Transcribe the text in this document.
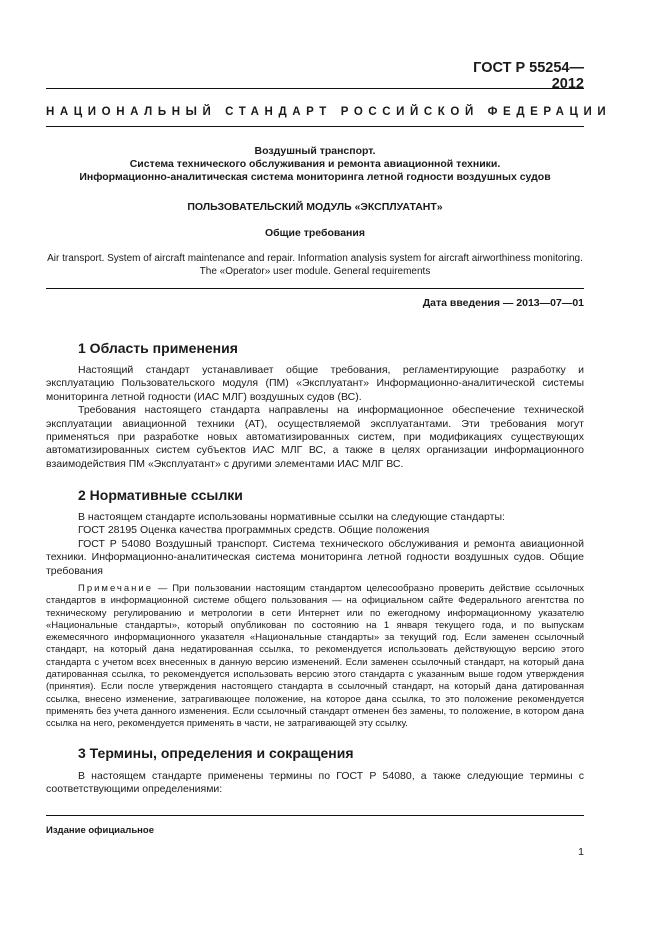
ГОСТ Р 55254—2012
НАЦИОНАЛЬНЫЙ СТАНДАРТ РОССИЙСКОЙ ФЕДЕРАЦИИ
Воздушный транспорт.
Система технического обслуживания и ремонта авиационной техники.
Информационно-аналитическая система мониторинга летной годности воздушных судов
ПОЛЬЗОВАТЕЛЬСКИЙ МОДУЛЬ «ЭКСПЛУАТАНТ»
Общие требования
Air transport. System of aircraft maintenance and repair. Information analysis system for aircraft airworthiness monitoring.
The «Operator» user module. General requirements
Дата введения — 2013—07—01
1 Область применения
Настоящий стандарт устанавливает общие требования, регламентирующие разработку и эксплуатацию Пользовательского модуля (ПМ) «Эксплуатант» Информационно-аналитической системы мониторинга летной годности (ИАС МЛГ) воздушных судов (ВС).
Требования настоящего стандарта направлены на информационное обеспечение технической эксплуатации авиационной техники (АТ), осуществляемой эксплуатантами. Эти требования могут применяться при разработке новых автоматизированных систем, при модификациях существующих автоматизированных систем субъектов ИАС МЛГ ВС, а также в целях организации информационного взаимодействия ПМ «Эксплуатант» с другими элементами ИАС МЛГ ВС.
2 Нормативные ссылки
В настоящем стандарте использованы нормативные ссылки на следующие стандарты:
ГОСТ 28195 Оценка качества программных средств. Общие положения
ГОСТ Р 54080 Воздушный транспорт. Система технического обслуживания и ремонта авиационной техники. Информационно-аналитическая система мониторинга летной годности воздушных судов. Общие требования
Примечание — При пользовании настоящим стандартом целесообразно проверить действие ссылочных стандартов в информационной системе общего пользования — на официальном сайте Федерального агентства по техническому регулированию и метрологии в сети Интернет или по ежегодному информационному указателю «Национальные стандарты», который опубликован по состоянию на 1 января текущего года, и по выпускам ежемесячного информационного указателя «Национальные стандарты» за текущий год. Если заменен ссылочный стандарт, на который дана недатированная ссылка, то рекомендуется использовать действующую версию этого стандарта с учетом всех внесенных в данную версию изменений. Если заменен ссылочный стандарт, на который дана датированная ссылка, то рекомендуется использовать версию этого стандарта с указанным выше годом утверждения (принятия). Если после утверждения настоящего стандарта в ссылочный стандарт, на который дана датированная ссылка, внесено изменение, затрагивающее положение, на которое дана ссылка, то это положение рекомендуется применять без учета данного изменения. Если ссылочный стандарт отменен без замены, то положение, в котором дана ссылка на него, рекомендуется применять в части, не затрагивающей эту ссылку.
3 Термины, определения и сокращения
В настоящем стандарте применены термины по ГОСТ Р 54080, а также следующие термины с соответствующими определениями:
Издание официальное
1
